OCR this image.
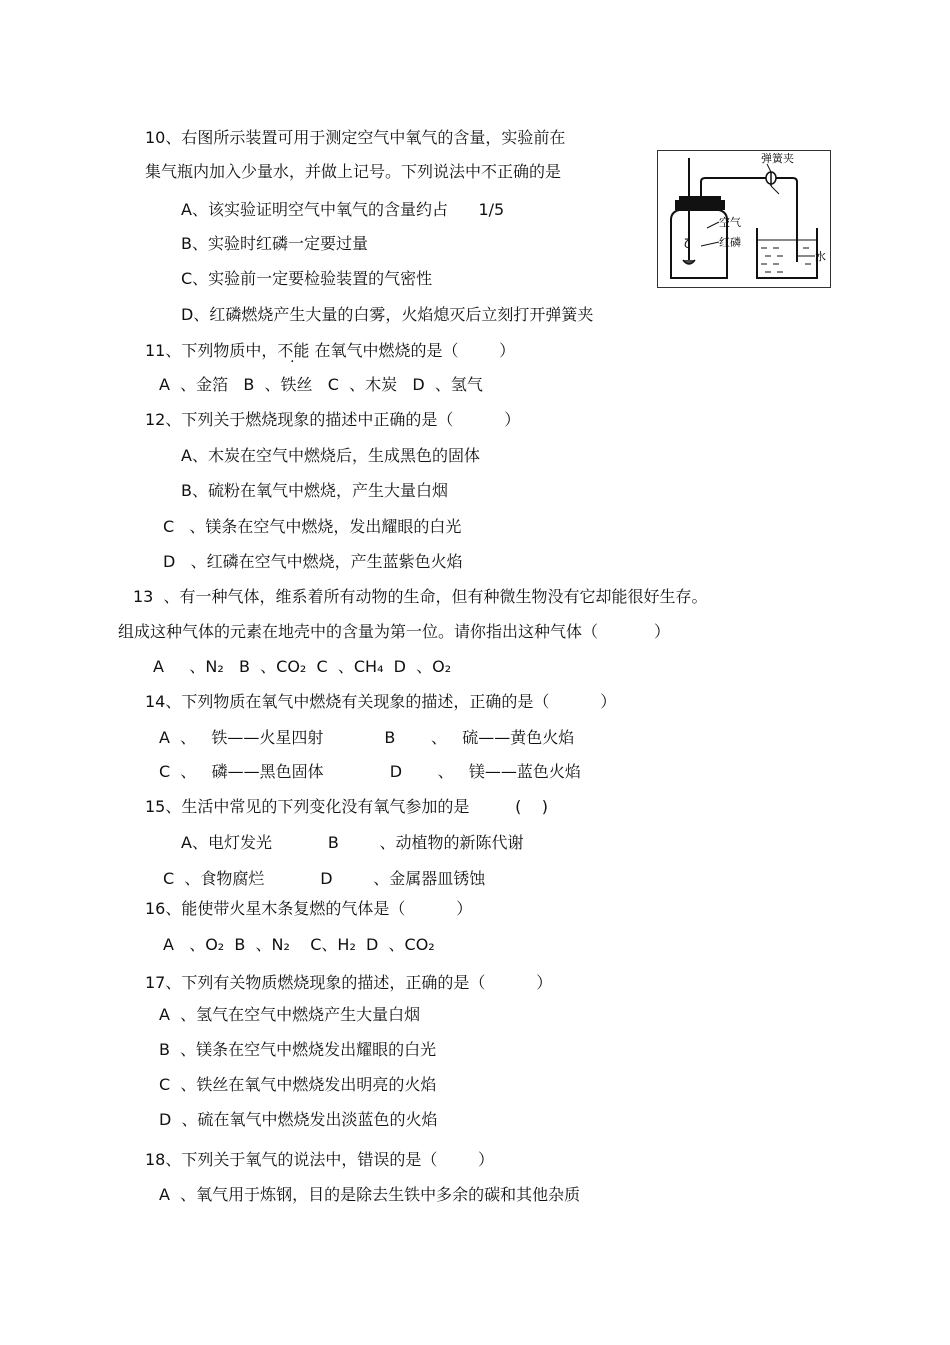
10、右图所示装置可用于测定空气中氧气的含量，实验前在
集气瓶内加入少量水，并做上记号。下列说法中不正确的是
A、该实验证明空气中氧气的含量约占      1/5
B、实验时红磷一定要过量
C、实验前一定要检验装置的气密性
D、红磷燃烧产生大量的白雾，火焰熄灭后立刻打开弹簧夹
ζ
弹簧夹
空气
红磷
水
11、下列物质中，不能 在氧气中燃烧的是（        ）
A  、金箔   B  、铁丝   C  、木炭   D  、氢气
12、下列关于燃烧现象的描述中正确的是（          ）
A、木炭在空气中燃烧后，生成黑色的固体
B、硫粉在氧气中燃烧，产生大量白烟
C   、镁条在空气中燃烧，发出耀眼的白光
D   、红磷在空气中燃烧，产生蓝紫色火焰
13  、有一种气体，维系着所有动物的生命，但有种微生物没有它却能很好生存。
组成这种气体的元素在地壳中的含量为第一位。请你指出这种气体（           ）
A     、N₂   B  、CO₂  C  、CH₄  D  、O₂
14、下列物质在氧气中燃烧有关现象的描述，正确的是（          ）
A  、   铁——火星四射            B       、   硫——黄色火焰
C  、   磷——黑色固体             D       、   镁——蓝色火焰
15、生活中常见的下列变化没有氧气参加的是         (    )
A、电灯发光           B        、动植物的新陈代谢
C  、食物腐烂           D        、金属器皿锈蚀
16、能使带火星木条复燃的气体是（          ）
A   、O₂  B  、N₂    C、H₂  D  、CO₂
17、下列有关物质燃烧现象的描述，正确的是（          ）
A  、氢气在空气中燃烧产生大量白烟
B  、镁条在空气中燃烧发出耀眼的白光
C  、铁丝在氧气中燃烧发出明亮的火焰
D  、硫在氧气中燃烧发出淡蓝色的火焰
18、下列关于氧气的说法中，错误的是（        ）
A  、氧气用于炼钢，目的是除去生铁中多余的碳和其他杂质
